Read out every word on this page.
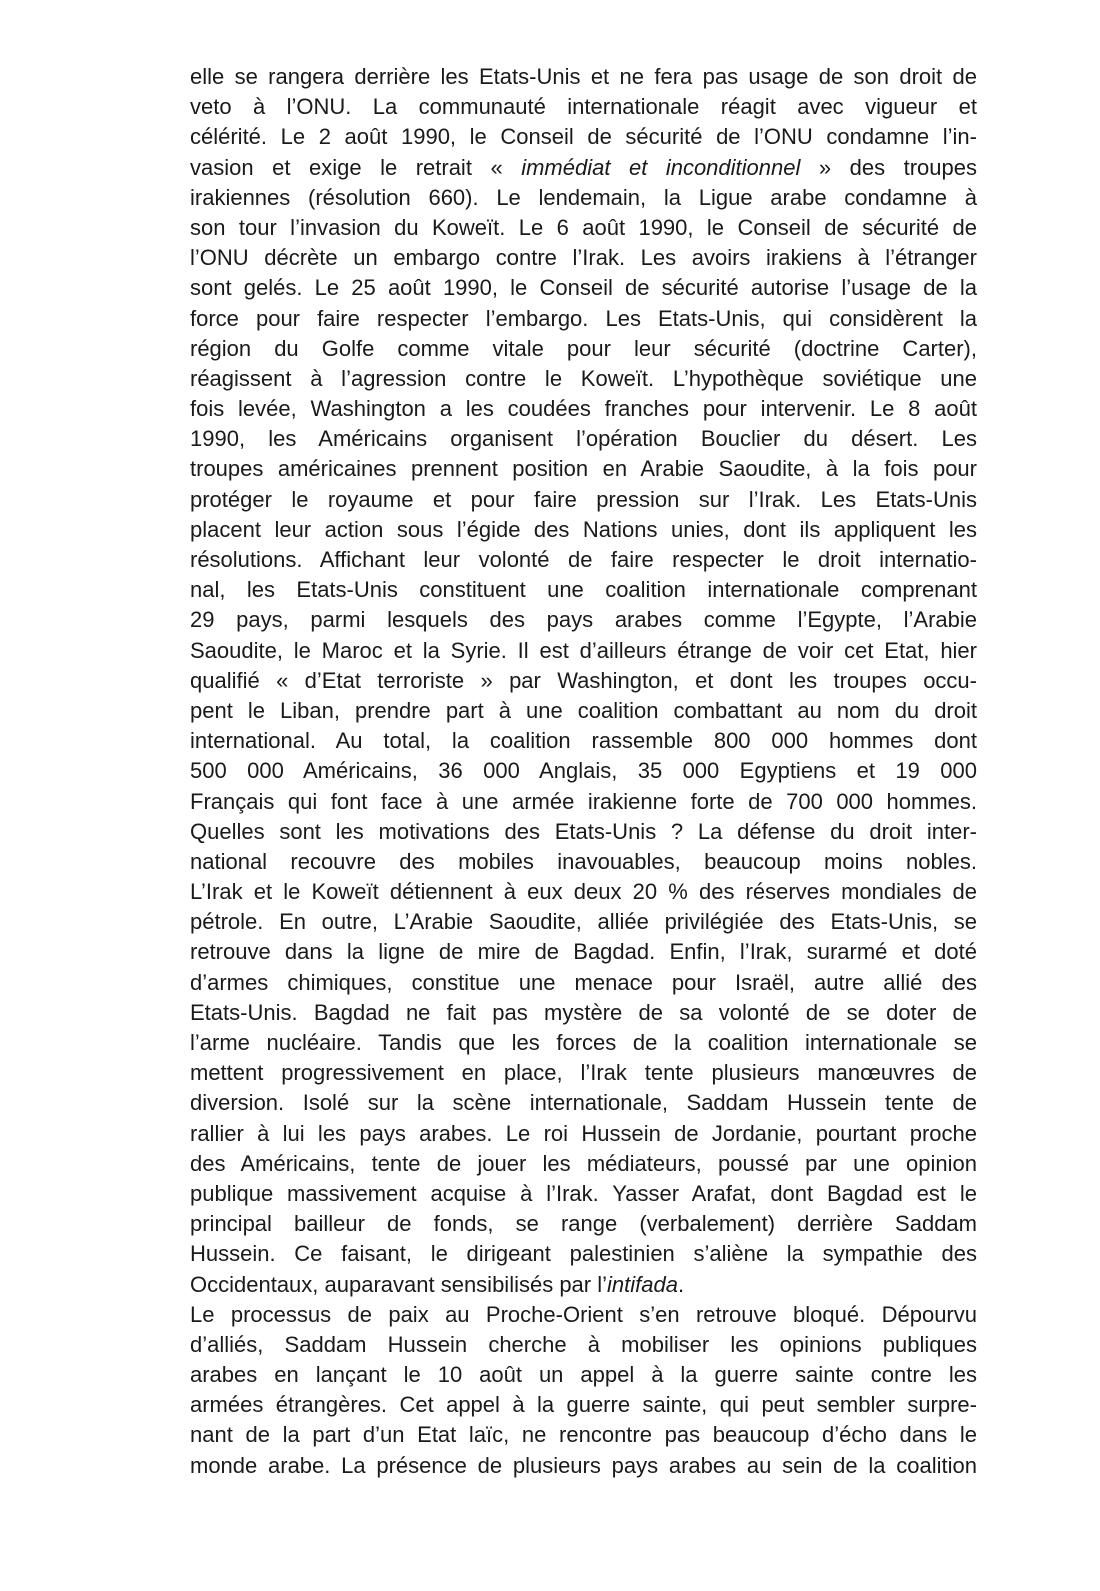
elle se rangera derrière les Etats-Unis et ne fera pas usage de son droit de
veto à l’ONU. La communauté internationale réagit avec vigueur et
célérité. Le 2 août 1990, le Conseil de sécurité de l’ONU condamne l’in-
vasion et exige le retrait « immédiat et inconditionnel » des troupes
irakiennes (résolution 660). Le lendemain, la Ligue arabe condamne à
son tour l’invasion du Koweït. Le 6 août 1990, le Conseil de sécurité de
l’ONU décrète un embargo contre l’Irak. Les avoirs irakiens à l’étranger
sont gelés. Le 25 août 1990, le Conseil de sécurité autorise l’usage de la
force pour faire respecter l’embargo. Les Etats-Unis, qui considèrent la
région du Golfe comme vitale pour leur sécurité (doctrine Carter),
réagissent à l’agression contre le Koweït. L’hypothèque soviétique une
fois levée, Washington a les coudées franches pour intervenir. Le 8 août
1990, les Américains organisent l’opération Bouclier du désert. Les
troupes américaines prennent position en Arabie Saoudite, à la fois pour
protéger le royaume et pour faire pression sur l’Irak. Les Etats-Unis
placent leur action sous l’égide des Nations unies, dont ils appliquent les
résolutions. Affichant leur volonté de faire respecter le droit internatio-
nal, les Etats-Unis constituent une coalition internationale comprenant
29 pays, parmi lesquels des pays arabes comme l’Egypte, l’Arabie
Saoudite, le Maroc et la Syrie. Il est d’ailleurs étrange de voir cet Etat, hier
qualifié « d’Etat terroriste » par Washington, et dont les troupes occu-
pent le Liban, prendre part à une coalition combattant au nom du droit
international. Au total, la coalition rassemble 800 000 hommes dont
500 000 Américains, 36 000 Anglais, 35 000 Egyptiens et 19 000
Français qui font face à une armée irakienne forte de 700 000 hommes.
Quelles sont les motivations des Etats-Unis ? La défense du droit inter-
national recouvre des mobiles inavouables, beaucoup moins nobles.
L’Irak et le Koweït détiennent à eux deux 20 % des réserves mondiales de
pétrole. En outre, L’Arabie Saoudite, alliée privilégiée des Etats-Unis, se
retrouve dans la ligne de mire de Bagdad. Enfin, l’Irak, surarmé et doté
d’armes chimiques, constitue une menace pour Israël, autre allié des
Etats-Unis. Bagdad ne fait pas mystère de sa volonté de se doter de
l’arme nucléaire. Tandis que les forces de la coalition internationale se
mettent progressivement en place, l’Irak tente plusieurs manœuvres de
diversion. Isolé sur la scène internationale, Saddam Hussein tente de
rallier à lui les pays arabes. Le roi Hussein de Jordanie, pourtant proche
des Américains, tente de jouer les médiateurs, poussé par une opinion
publique massivement acquise à l’Irak. Yasser Arafat, dont Bagdad est le
principal bailleur de fonds, se range (verbalement) derrière Saddam
Hussein. Ce faisant, le dirigeant palestinien s’aliène la sympathie des
Occidentaux, auparavant sensibilisés par l’intifada.
Le processus de paix au Proche-Orient s’en retrouve bloqué. Dépourvu
d’alliés, Saddam Hussein cherche à mobiliser les opinions publiques
arabes en lançant le 10 août un appel à la guerre sainte contre les
armées étrangères. Cet appel à la guerre sainte, qui peut sembler surpre-
nant de la part d’un Etat laïc, ne rencontre pas beaucoup d’écho dans le
monde arabe. La présence de plusieurs pays arabes au sein de la coalition
